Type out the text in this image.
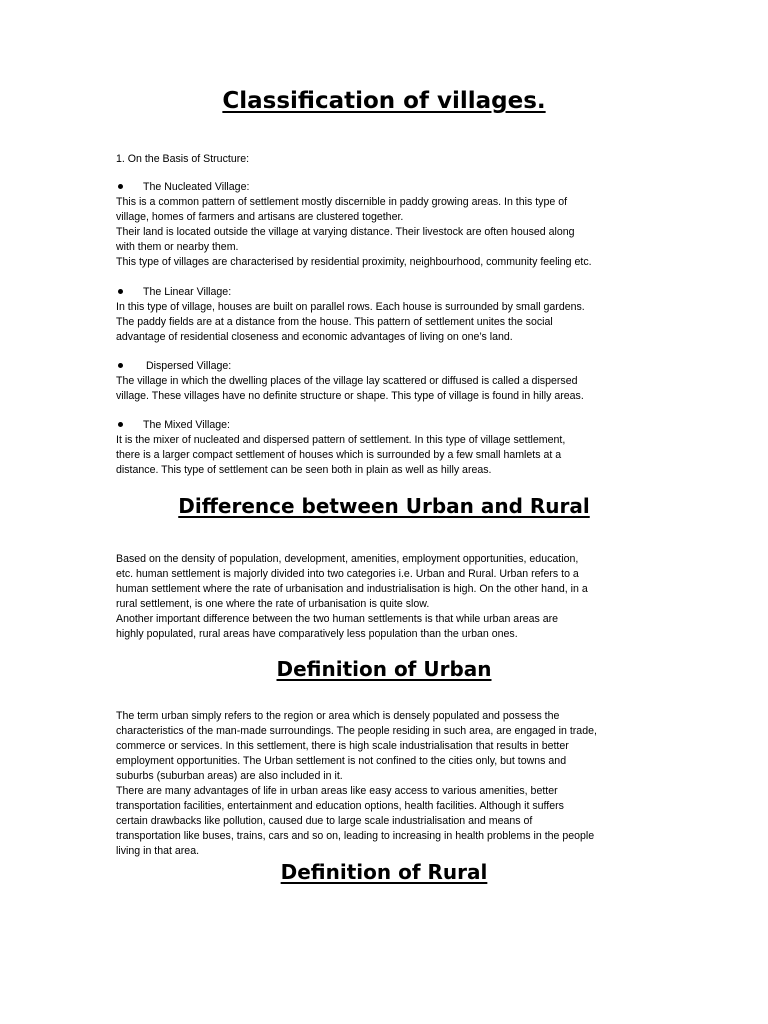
Classification of villages.

1. On the Basis of Structure:

The Nucleated Village:

This is a common pattern of settlement mostly discernible in paddy growing areas. In this type of
village, homes of farmers and artisans are clustered together.
Their land is located outside the village at varying distance. Their livestock are often housed along
with them or nearby them.
This type of villages are characterised by residential proximity, neighbourhood, community feeling etc.

The Linear Village:

In this type of village, houses are built on parallel rows. Each house is surrounded by small gardens.
The paddy fields are at a distance from the house. This pattern of settlement unites the social
advantage of residential closeness and economic advantages of living on one’s land.

Dispersed Village:

The village in which the dwelling places of the village lay scattered or diffused is called a dispersed
village. These villages have no definite structure or shape. This type of village is found in hilly areas.

The Mixed Village:

It is the mixer of nucleated and dispersed pattern of settlement. In this type of village settlement,
there is a larger compact settlement of houses which is surrounded by a few small hamlets at a
distance. This type of settlement can be seen both in plain as well as hilly areas.

Difference between Urban and Rural

Based on the density of population, development, amenities, employment opportunities, education,
etc. human settlement is majorly divided into two categories i.e. Urban and Rural. Urban refers to a
human settlement where the rate of urbanisation and industrialisation is high. On the other hand, in a
rural settlement, is one where the rate of urbanisation is quite slow.
Another important difference between the two human settlements is that while urban areas are
highly populated, rural areas have comparatively less population than the urban ones.

Definition of Urban

The term urban simply refers to the region or area which is densely populated and possess the
characteristics of the man-made surroundings. The people residing in such area, are engaged in trade,
commerce or services. In this settlement, there is high scale industrialisation that results in better
employment opportunities. The Urban settlement is not confined to the cities only, but towns and
suburbs (suburban areas) are also included in it.
There are many advantages of life in urban areas like easy access to various amenities, better
transportation facilities, entertainment and education options, health facilities. Although it suffers
certain drawbacks like pollution, caused due to large scale industrialisation and means of
transportation like buses, trains, cars and so on, leading to increasing in health problems in the people
living in that area.

Definition of Rural
